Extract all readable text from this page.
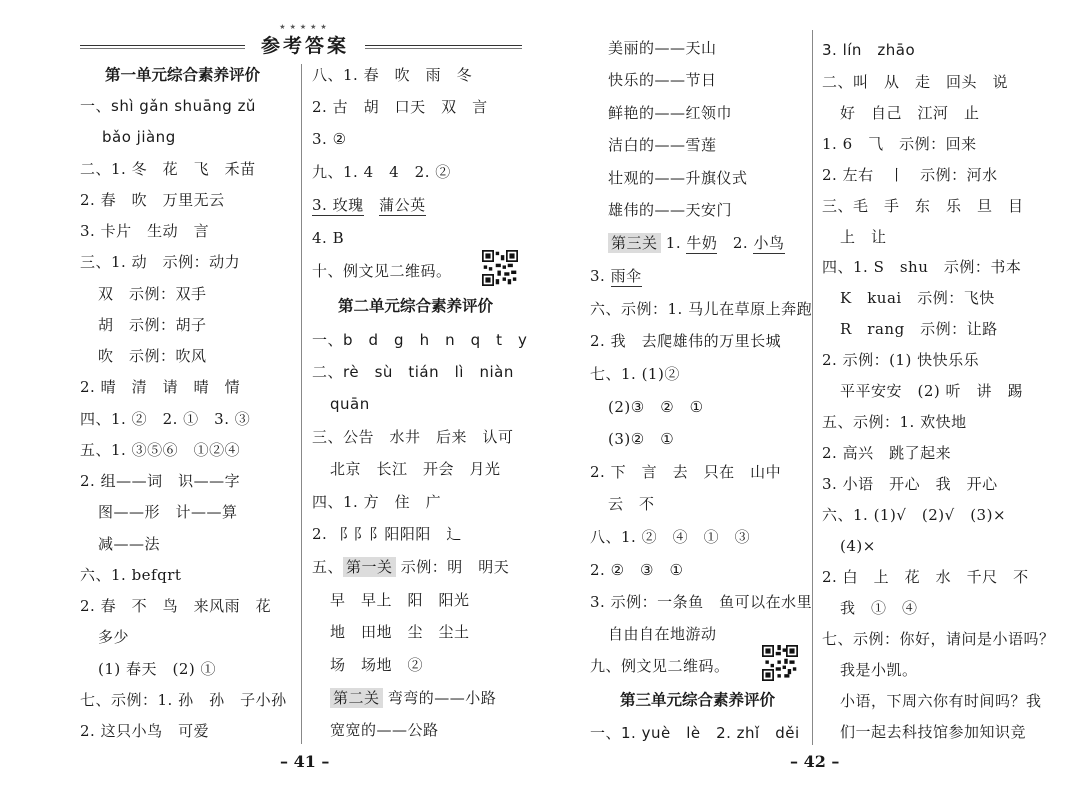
★★★★★
参考答案
第一单元综合素养评价
一、shì gǎn shuāng zǔ
bǎo jiàng
二、1. 冬　花　飞　禾苗
2. 春　吹　万里无云
3. 卡片　生动　言
三、1. 动　示例：动力
双　示例：双手
胡　示例：胡子
吹　示例：吹风
2. 晴　清　请　晴　情
四、1. ②　2. ①　3. ③
五、1. ③⑤⑥　①②④
2. 组——词　识——字
图——形　计——算
减——法
六、1. befqrt
2. 春　不　鸟　来风雨　花
多少
(1) 春天　(2) ①
七、示例：1. 孙　孙　子小孙
2. 这只小鸟　可爱
八、1. 春　吹　雨　冬
2. 古　胡　口天　双　言
3. ②
九、1. 4　4　2. ②
3. 玫瑰　 蒲公英
4. B
十、例文见二维码。
第二单元综合素养评价
一、b　d　g　h　n　q　t　y
二、rè　sù　tián　lì　niàn
quān
三、公告　水井　后来　认可
北京　长江　开会　月光
四、1. 方　住　广
2. ⻏ 阝阝阳阳阳　⻌
五、 第一关 示例：明　明天
早　早上　阳　阳光
地　田地　尘　尘土
场　场地　②
第二关 弯弯的——小路
宽宽的——公路
– 41 –
美丽的——天山
快乐的——节日
鲜艳的——红领巾
洁白的——雪莲
壮观的——升旗仪式
雄伟的——天安门
第三关 1. 牛奶　2. 小鸟
3. 雨伞
六、示例：1. 马儿在草原上奔跑
2. 我　去爬雄伟的万里长城
七、1. (1)②
(2)③　②　①
(3)②　①
2. 下　言　去　只在　山中
云　不
八、1. ②　④　①　③
2. ②　③　①
3. 示例：一条鱼　鱼可以在水里
自由自在地游动
九、例文见二维码。
第三单元综合素养评价
一、1. yuè　lè　2. zhǐ　děi
3. lín　zhāo
二、叫　从　走　回头　说
好　自己　江河　止
1. 6　⺄　示例：回来
2. 左右　丨　示例：河水
三、毛　手　东　乐　旦　目
上　让
四、1. S　shu　示例：书本
K　kuai　示例：飞快
R　rang　示例：让路
2. 示例：(1) 快快乐乐
平平安安　(2) 听　讲　踢
五、示例：1. 欢快地
2. 高兴　跳了起来
3. 小语　开心　我　开心
六、1. (1)√　(2)√　(3)×
(4)×
2. 白　上　花　水　千尺　不
我　①　④
七、示例：你好，请问是小语吗？
我是小凯。
小语，下周六你有时间吗？我
们一起去科技馆参加知识竞
– 42 –
